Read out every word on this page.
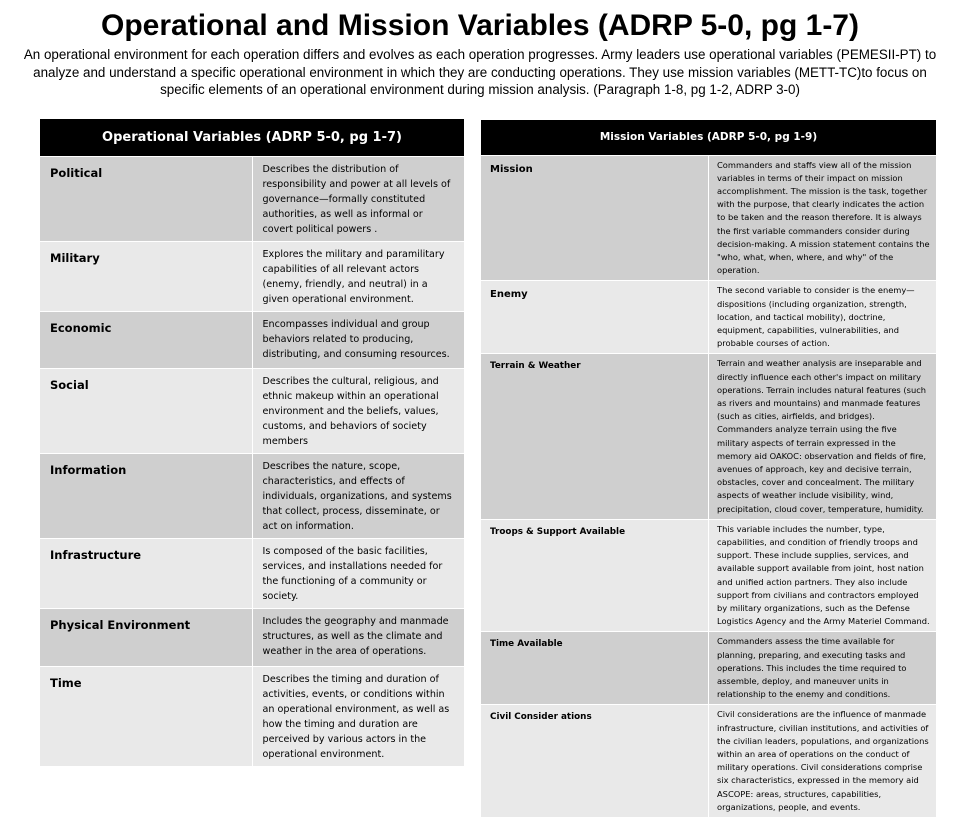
Operational and Mission Variables (ADRP 5-0, pg 1-7)
An operational environment for each operation differs and evolves as each operation progresses. Army leaders use operational variables (PEMESII-PT) to analyze and understand a specific operational environment in which they are conducting operations. They use mission variables (METT-TC)to focus on specific elements of an operational environment during mission analysis. (Paragraph 1-8, pg 1-2, ADRP 3-0)
Operational Variables (ADRP 5-0, pg 1-7)	
Political	Describes the distribution of responsibility and power at all levels of governance—formally constituted authorities, as well as informal or covert political powers .
Military	Explores the military and paramilitary capabilities of all relevant actors (enemy, friendly, and neutral) in a given operational environment.
Economic	Encompasses individual and group behaviors related to producing, distributing, and consuming resources.
Social	Describes the cultural, religious, and ethnic makeup within an operational environment and the beliefs, values, customs, and behaviors of society members
Information	Describes the nature, scope, characteristics, and effects of individuals, organizations, and systems that collect, process, disseminate, or act on information.
Infrastructure	Is composed of the basic facilities, services, and installations needed for the functioning of a community or society.
Physical Environment	Includes the geography and manmade structures, as well as the climate and weather in the area of operations.
Time	Describes the timing and duration of activities, events, or conditions within an operational environment, as well as how the timing and duration are perceived by various actors in the operational environment.
Mission Variables (ADRP 5-0, pg 1-9)	
Mission	Commanders and staffs view all of the mission variables in terms of their impact on mission accomplishment. The mission is the task, together with the purpose, that clearly indicates the action to be taken and the reason therefore. It is always the first variable commanders consider during decision-making. A mission statement contains the "who, what, when, where, and why" of the operation.
Enemy	The second variable to consider is the enemy—dispositions (including organization, strength, location, and tactical mobility), doctrine, equipment, capabilities, vulnerabilities, and probable courses of action.
Terrain & Weather	Terrain and weather analysis are inseparable and directly influence each other's impact on military operations. Terrain includes natural features (such as rivers and mountains) and manmade features (such as cities, airfields, and bridges). Commanders analyze terrain using the five military aspects of terrain expressed in the memory aid OAKOC: observation and fields of fire, avenues of approach, key and decisive terrain, obstacles, cover and concealment. The military aspects of weather include visibility, wind, precipitation, cloud cover, temperature, humidity.
Troops & Support Available	This variable includes the number, type, capabilities, and condition of friendly troops and support. These include supplies, services, and available support available from joint, host nation and unified action partners. They also include support from civilians and contractors employed by military organizations, such as the Defense Logistics Agency and the Army Materiel Command.
Time Available	Commanders assess the time available for planning, preparing, and executing tasks and operations. This includes the time required to assemble, deploy, and maneuver units in relationship to the enemy and conditions.
Civil Consider ations	Civil considerations are the influence of manmade infrastructure, civilian institutions, and activities of the civilian leaders, populations, and organizations within an area of operations on the conduct of military operations. Civil considerations comprise six characteristics, expressed in the memory aid ASCOPE: areas, structures, capabilities, organizations, people, and events.
